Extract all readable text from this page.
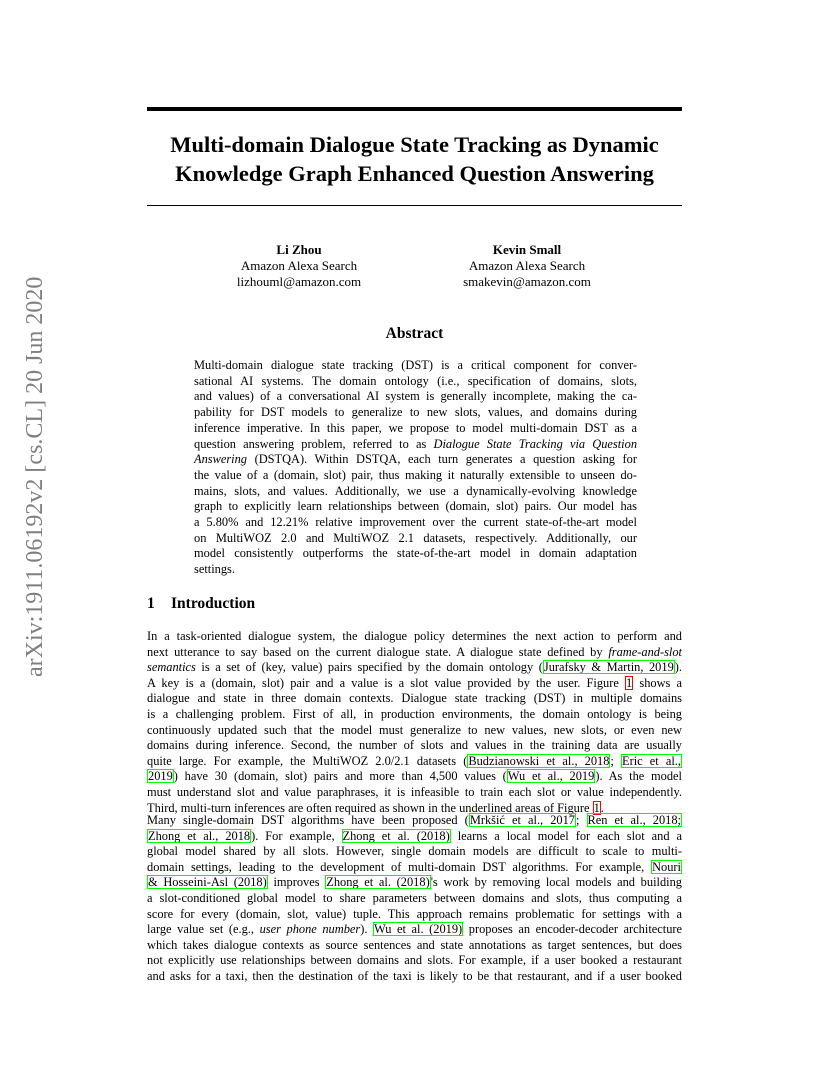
arXiv:1911.06192v2 [cs.CL] 20 Jun 2020
Multi-domain Dialogue State Tracking as Dynamic
Knowledge Graph Enhanced Question Answering
Li Zhou
Amazon Alexa Search
lizhouml@amazon.com
Kevin Small
Amazon Alexa Search
smakevin@amazon.com
Abstract
Multi-domain dialogue state tracking (DST) is a critical component for conver-
sational AI systems. The domain ontology (i.e., specification of domains, slots,
and values) of a conversational AI system is generally incomplete, making the ca-
pability for DST models to generalize to new slots, values, and domains during
inference imperative. In this paper, we propose to model multi-domain DST as a
question answering problem, referred to as Dialogue State Tracking via Question
Answering (DSTQA). Within DSTQA, each turn generates a question asking for
the value of a (domain, slot) pair, thus making it naturally extensible to unseen do-
mains, slots, and values. Additionally, we use a dynamically-evolving knowledge
graph to explicitly learn relationships between (domain, slot) pairs. Our model has
a 5.80% and 12.21% relative improvement over the current state-of-the-art model
on MultiWOZ 2.0 and MultiWOZ 2.1 datasets, respectively. Additionally, our
model consistently outperforms the state-of-the-art model in domain adaptation
settings.
1 Introduction
In a task-oriented dialogue system, the dialogue policy determines the next action to perform and
next utterance to say based on the current dialogue state. A dialogue state defined by frame-and-slot
semantics is a set of (key, value) pairs specified by the domain ontology (Jurafsky & Martin, 2019).
A key is a (domain, slot) pair and a value is a slot value provided by the user. Figure 1 shows a
dialogue and state in three domain contexts. Dialogue state tracking (DST) in multiple domains
is a challenging problem. First of all, in production environments, the domain ontology is being
continuously updated such that the model must generalize to new values, new slots, or even new
domains during inference. Second, the number of slots and values in the training data are usually
quite large. For example, the MultiWOZ 2.0/2.1 datasets (Budzianowski et al., 2018; Eric et al.,
2019) have 30 (domain, slot) pairs and more than 4,500 values (Wu et al., 2019). As the model
must understand slot and value paraphrases, it is infeasible to train each slot or value independently.
Third, multi-turn inferences are often required as shown in the underlined areas of Figure 1.
Many single-domain DST algorithms have been proposed (Mrkšić et al., 2017; Ren et al., 2018;
Zhong et al., 2018). For example, Zhong et al. (2018) learns a local model for each slot and a
global model shared by all slots. However, single domain models are difficult to scale to multi-
domain settings, leading to the development of multi-domain DST algorithms. For example, Nouri
& Hosseini-Asl (2018) improves Zhong et al. (2018)'s work by removing local models and building
a slot-conditioned global model to share parameters between domains and slots, thus computing a
score for every (domain, slot, value) tuple. This approach remains problematic for settings with a
large value set (e.g., user phone number). Wu et al. (2019) proposes an encoder-decoder architecture
which takes dialogue contexts as source sentences and state annotations as target sentences, but does
not explicitly use relationships between domains and slots. For example, if a user booked a restaurant
and asks for a taxi, then the destination of the taxi is likely to be that restaurant, and if a user booked
